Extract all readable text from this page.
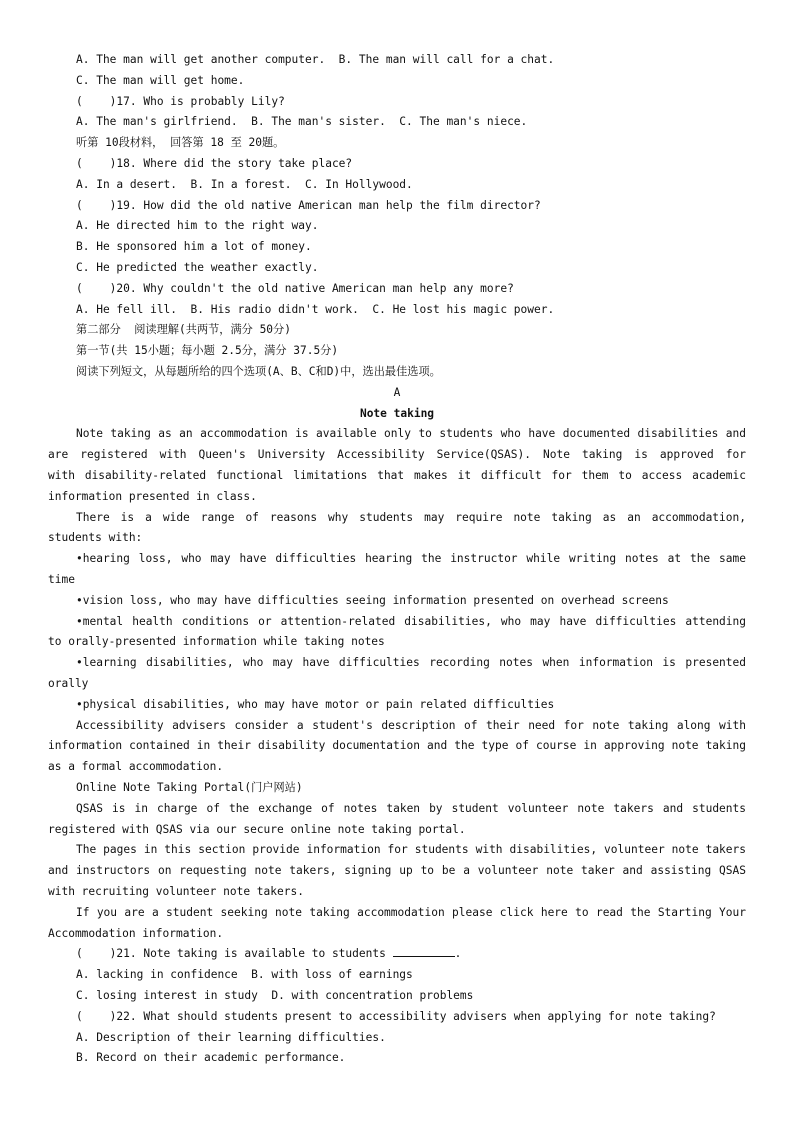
A. The man will get another computer.  B. The man will call for a chat.
C. The man will get home.
(    )17. Who is probably Lily?
A. The man's girlfriend.  B. The man's sister.  C. The man's niece.
听第 10段材料， 回答第 18 至 20题。
(    )18. Where did the story take place?
A. In a desert.  B. In a forest.  C. In Hollywood.
(    )19. How did the old native American man help the film director?
A. He directed him to the right way.
B. He sponsored him a lot of money.
C. He predicted the weather exactly.
(    )20. Why couldn't the old native American man help any more?
A. He fell ill.  B. His radio didn't work.  C. He lost his magic power.
第二部分  阅读理解(共两节，满分 50分)
第一节(共 15小题；每小题 2.5分，满分 37.5分)
阅读下列短文，从每题所给的四个选项(A、B、C和D)中，选出最佳选项。
A
Note taking
Note taking as an accommodation is available only to students who have documented disabilities and
are registered with Queen's University Accessibility Service(QSAS). Note taking is approved for
with disability-related functional limitations that makes it difficult for them to access academic
information presented in class.
There is a wide range of reasons why students may require note taking as an accommodation,
students with:
•hearing loss, who may have difficulties hearing the instructor while writing notes at the same
time
•vision loss, who may have difficulties seeing information presented on overhead screens
•mental health conditions or attention-related disabilities, who may have difficulties attending
to orally-presented information while taking notes
•learning disabilities, who may have difficulties recording notes when information is presented
orally
•physical disabilities, who may have motor or pain related difficulties
Accessibility advisers consider a student's description of their need for note taking along with
information contained in their disability documentation and the type of course in approving note taking
as a formal accommodation.
Online Note Taking Portal(门户网站)
QSAS is in charge of the exchange of notes taken by student volunteer note takers and students
registered with QSAS via our secure online note taking portal.
The pages in this section provide information for students with disabilities, volunteer note takers
and instructors on requesting note takers, signing up to be a volunteer note taker and assisting QSAS
with recruiting volunteer note takers.
If you are a student seeking note taking accommodation please click here to read the Starting Your
Accommodation information.
(    )21. Note taking is available to students	.
A. lacking in confidence  B. with loss of earnings
C. losing interest in study  D. with concentration problems
(    )22. What should students present to accessibility advisers when applying for note taking?
A. Description of their learning difficulties.
B. Record on their academic performance.
